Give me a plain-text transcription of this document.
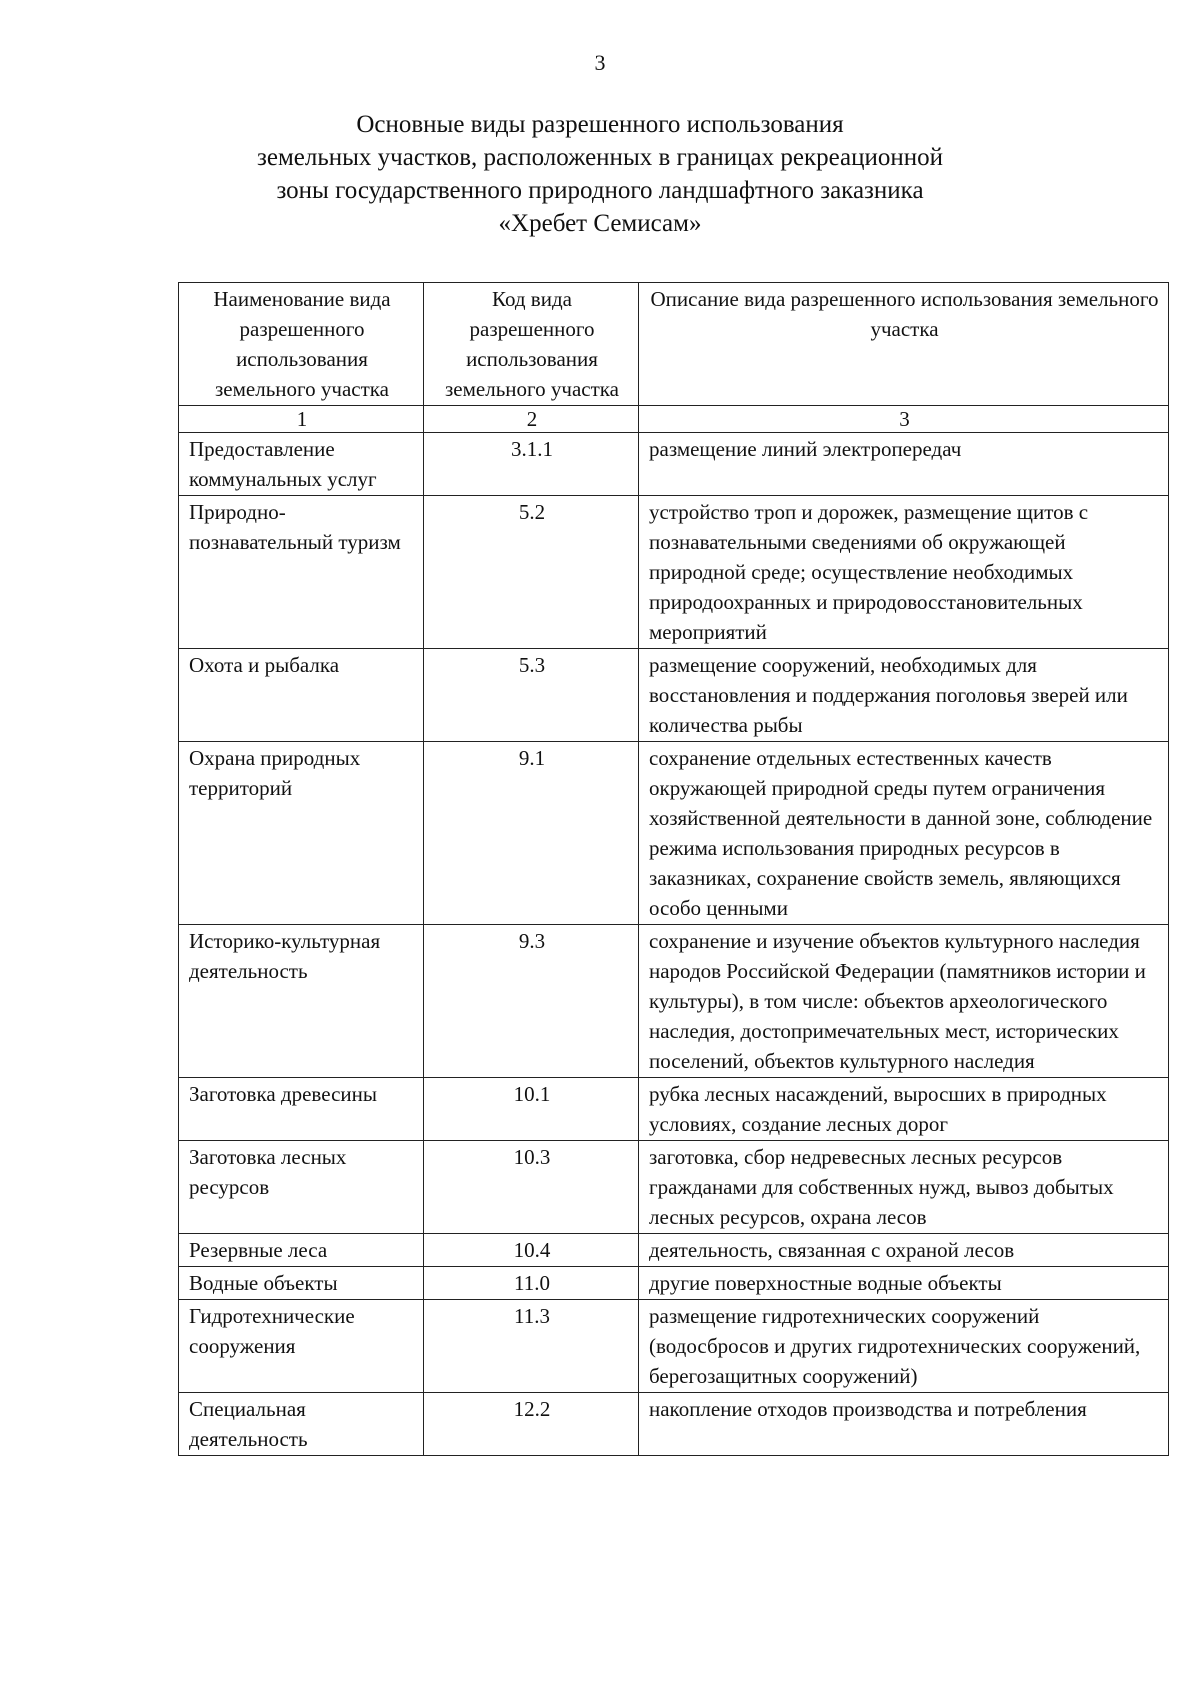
3
Основные виды разрешенного использования
земельных участков, расположенных в границах рекреационной
зоны государственного природного ландшафтного заказника
«Хребет Семисам»
Наименование вида разрешенного использования земельного участка	Код вида разрешенного использования земельного участка	Описание вида разрешенного использования земельного участка
1	2	3
Предоставление коммунальных услуг	3.1.1	размещение линий электропередач
Природно-познавательный туризм	5.2	устройство троп и дорожек, размещение щитов с познавательными сведениями об окружающей природной среде; осуществление необходимых природоохранных и природовосстановительных мероприятий
Охота и рыбалка	5.3	размещение сооружений, необходимых для восстановления и поддержания поголовья зверей или количества рыбы
Охрана природных территорий	9.1	сохранение отдельных естественных качеств окружающей природной среды путем ограничения хозяйственной деятельности в данной зоне, соблюдение режима использования природных ресурсов в заказниках, сохранение свойств земель, являющихся особо ценными
Историко-культурная деятельность	9.3	сохранение и изучение объектов культурного наследия народов Российской Федерации (памятников истории и культуры), в том числе: объектов археологического наследия, достопримечательных мест, исторических поселений, объектов культурного наследия
Заготовка древесины	10.1	рубка лесных насаждений, выросших в природных условиях, создание лесных дорог
Заготовка лесных ресурсов	10.3	заготовка, сбор недревесных лесных ресурсов гражданами для собственных нужд, вывоз добытых лесных ресурсов, охрана лесов
Резервные леса	10.4	деятельность, связанная с охраной лесов
Водные объекты	11.0	другие поверхностные водные объекты
Гидротехнические сооружения	11.3	размещение гидротехнических сооружений (водосбросов и других гидротехнических сооружений, берегозащитных сооружений)
Специальная деятельность	12.2	накопление отходов производства и потребления
